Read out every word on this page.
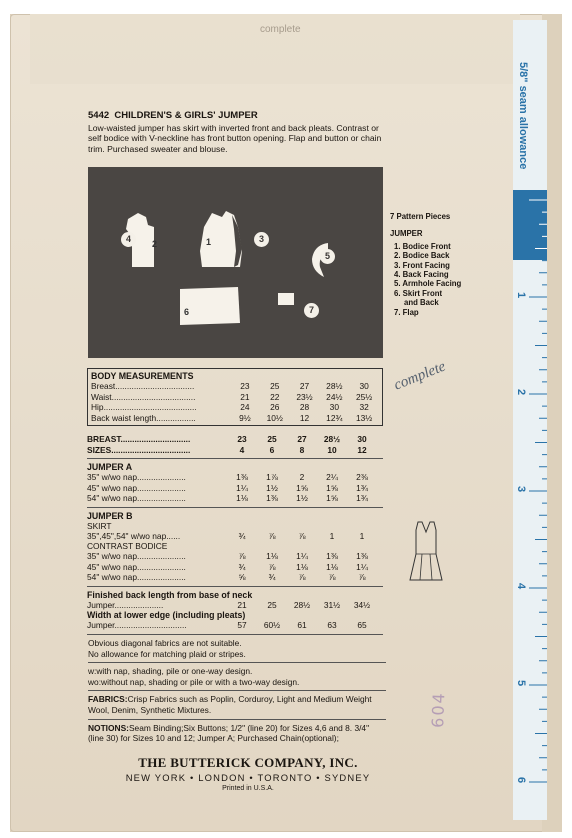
complete
5442 CHILDREN'S & GIRLS' JUMPER
Low-waisted jumper has skirt with inverted front and back pleats. Contrast or self bodice with V-neckline has front button opening. Flap and button or chain trim. Purchased sweater and blouse.
4	2	1	3
5
6	7
7 Pattern Pieces
JUMPER
1. Bodice Front
2. Bodice Back
3. Front Facing
4. Back Facing
5. Armhole Facing
6. Skirt Front
and Back
7. Flap
BODY MEASUREMENTS
Breast..................................	23	25	27	28½	30
Waist....................................	21	22	23½	24½	25½
Hip........................................	24	26	28	30	32
Back waist length.................	9½	10½	12	12¾	13½
BREAST..............................	23	25	27	28½	30
SIZES..................................	4	6	8	10	12
JUMPER A
35" w/wo nap.....................	1⅜	1⅞	2	2¼	2⅜
45" w/wo nap.....................	1¼	1½	1⅝	1⅝	1¾
54" w/wo nap.....................	1⅛	1⅜	1½	1⅝	1¾
JUMPER B
SKIRT
35",45",54" w/wo nap......	¾	⅞	⅞	1	1
CONTRAST BODICE
35" w/wo nap.....................	⅞	1⅛	1¼	1⅜	1⅜
45" w/wo nap.....................	¾	⅞	1⅛	1⅛	1¼
54" w/wo nap.....................	⅝	¾	⅞	⅞	⅞
Finished back length from base of neck
Jumper.....................	21	25	28½	31½	34½
Width at lower edge (including pleats)
Jumper...............................	57	60½	61	63	65
Obvious diagonal fabrics are not suitable.
No allowance for matching plaid or stripes.
w:with nap, shading, pile or one-way design.
wo:without nap, shading or pile or with a two-way design.
FABRICS:Crisp Fabrics such as Poplin, Corduroy, Light and Medium Weight Wool, Denim, Synthetic Mixtures.
NOTIONS:Seam Binding;Six Buttons; 1/2" (line 20) for Sizes 4,6 and 8. 3/4" (line 30) for Sizes 10 and 12; Jumper A; Purchased Chain(optional);
THE BUTTERICK COMPANY, INC.
NEW YORK • LONDON • TORONTO • SYDNEY
Printed in U.S.A.
complete
604
5/8" seam allowance
1
2
3
4
5
6
